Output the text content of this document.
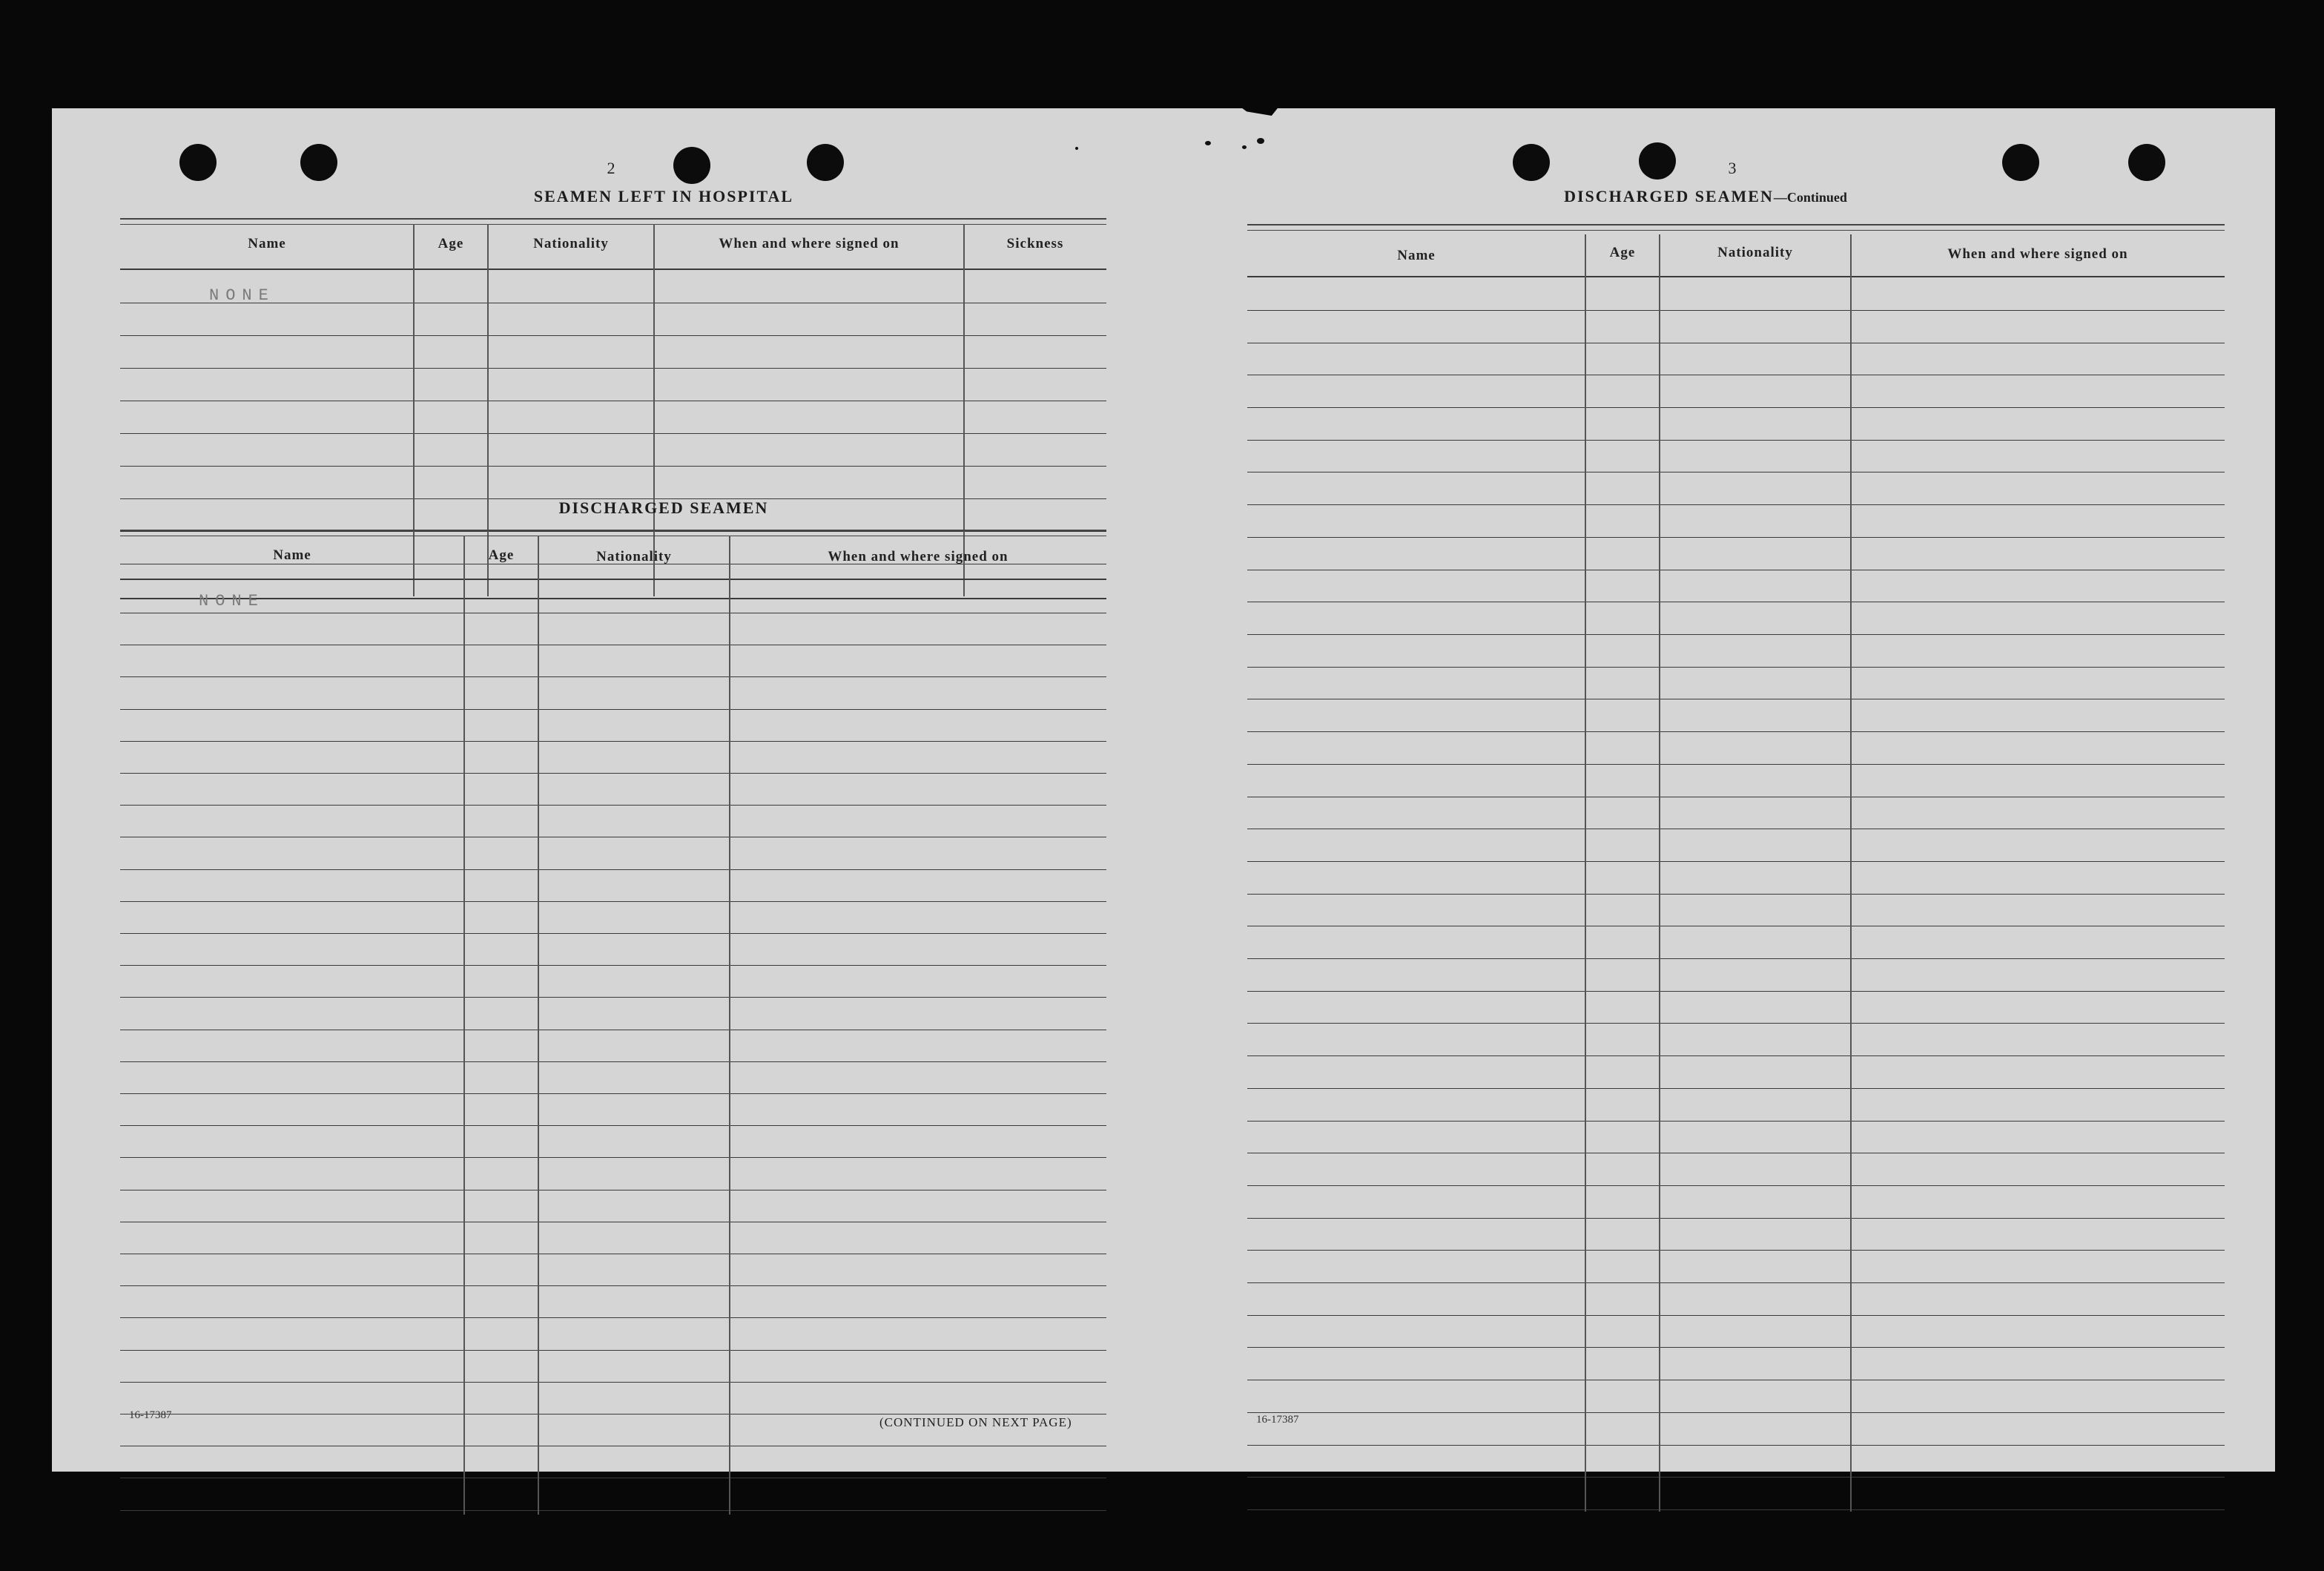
2
SEAMEN LEFT IN HOSPITAL
Name	Age	Nationality	When and where signed on	Sickness
NONE
DISCHARGED SEAMEN
Name	Age	Nationality	When and where signed on
NONE
16-17387	(CONTINUED ON NEXT PAGE)
3
DISCHARGED SEAMEN—Continued
Name	Age	Nationality	When and where signed on
16-17387
